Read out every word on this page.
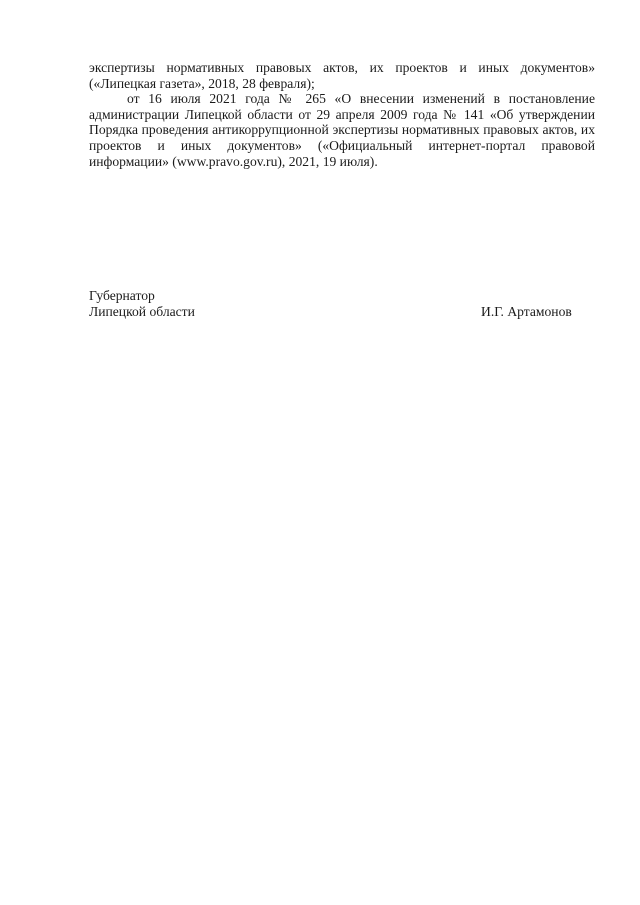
экспертизы нормативных правовых актов, их проектов и иных документов» («Липецкая газета», 2018, 28 февраля);

от 16 июля 2021 года № 265 «О внесении изменений в постановление администрации Липецкой области от 29 апреля 2009 года № 141 «Об утверждении Порядка проведения антикоррупционной экспертизы нормативных правовых актов, их проектов и иных документов» («Официальный интернет-портал правовой информации» (www.pravo.gov.ru), 2021, 19 июля).

Губернатор
Липецкой области	И.Г. Артамонов
